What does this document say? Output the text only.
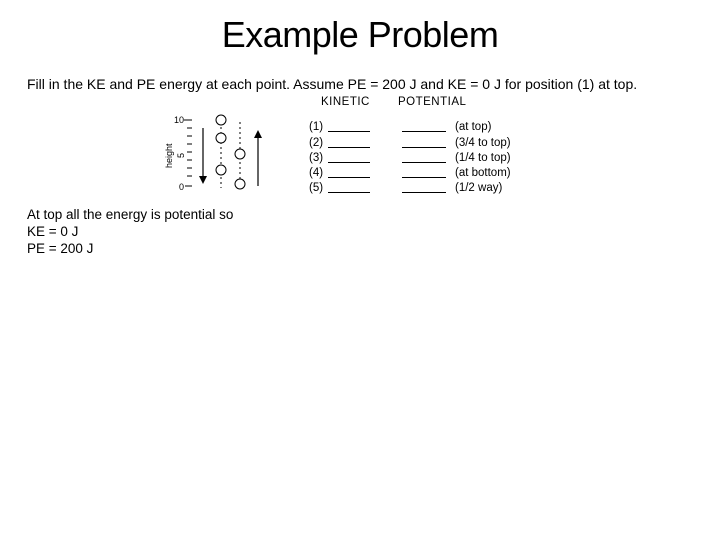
Example Problem
Fill in the KE and PE energy at each point. Assume PE = 200 J and KE = 0 J for position (1) at top.
height
10
5
0
KINETIC POTENTIAL
(1)	(at top)
(2)	(3/4 to top)
(3)	(1/4 to top)
(4)	(at bottom)
(5)	(1/2 way)
At top all the energy is potential so
KE = 0 J
PE = 200 J
